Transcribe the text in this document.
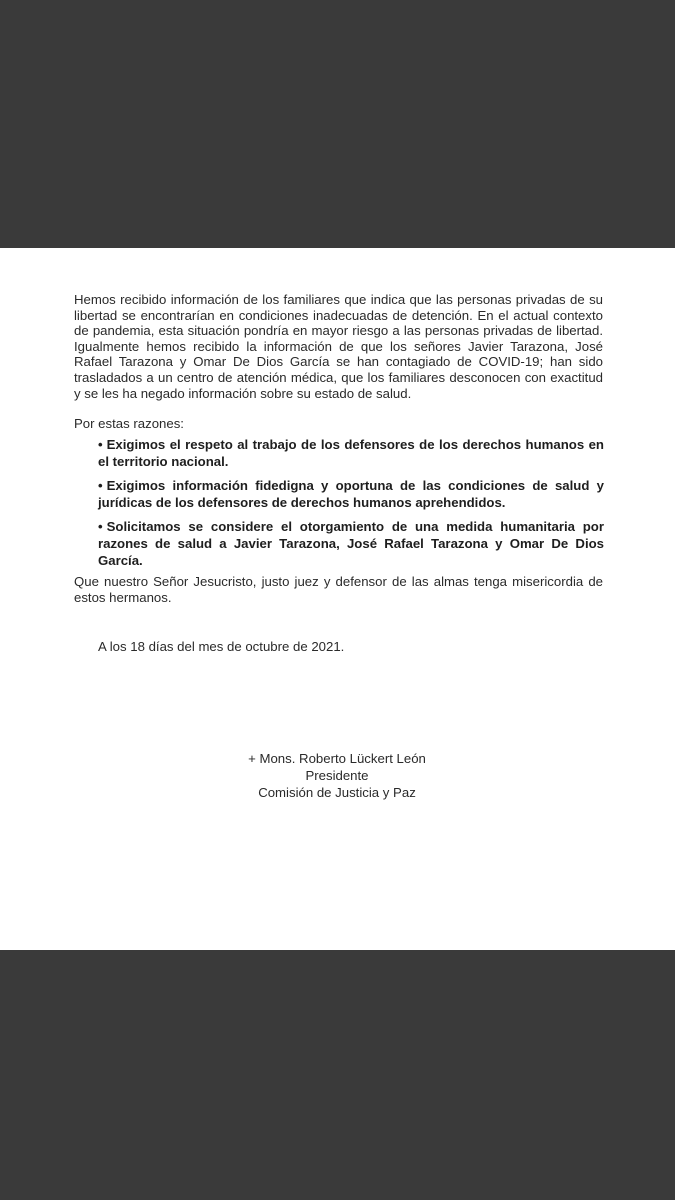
Hemos recibido información de los familiares que indica que las personas privadas de su libertad se encontrarían en condiciones inadecuadas de detención. En el actual contexto de pandemia, esta situación pondría en mayor riesgo a las personas privadas de libertad. Igualmente hemos recibido la información de que los señores Javier Tarazona, José Rafael Tarazona y Omar De Dios García se han contagiado de COVID-19; han sido trasladados a un centro de atención médica, que los familiares desconocen con exactitud y se les ha negado información sobre su estado de salud.

Por estas razones:

• Exigimos el respeto al trabajo de los defensores de los derechos humanos en el territorio nacional.
• Exigimos información fidedigna y oportuna de las condiciones de salud y jurídicas de los defensores de derechos humanos aprehendidos.
• Solicitamos se considere el otorgamiento de una medida humanitaria por razones de salud a Javier Tarazona, José Rafael Tarazona y Omar De Dios García.

Que nuestro Señor Jesucristo, justo juez y defensor de las almas tenga misericordia de estos hermanos.

A los 18 días del mes de octubre de 2021.

+ Mons. Roberto Lückert León
Presidente
Comisión de Justicia y Paz
